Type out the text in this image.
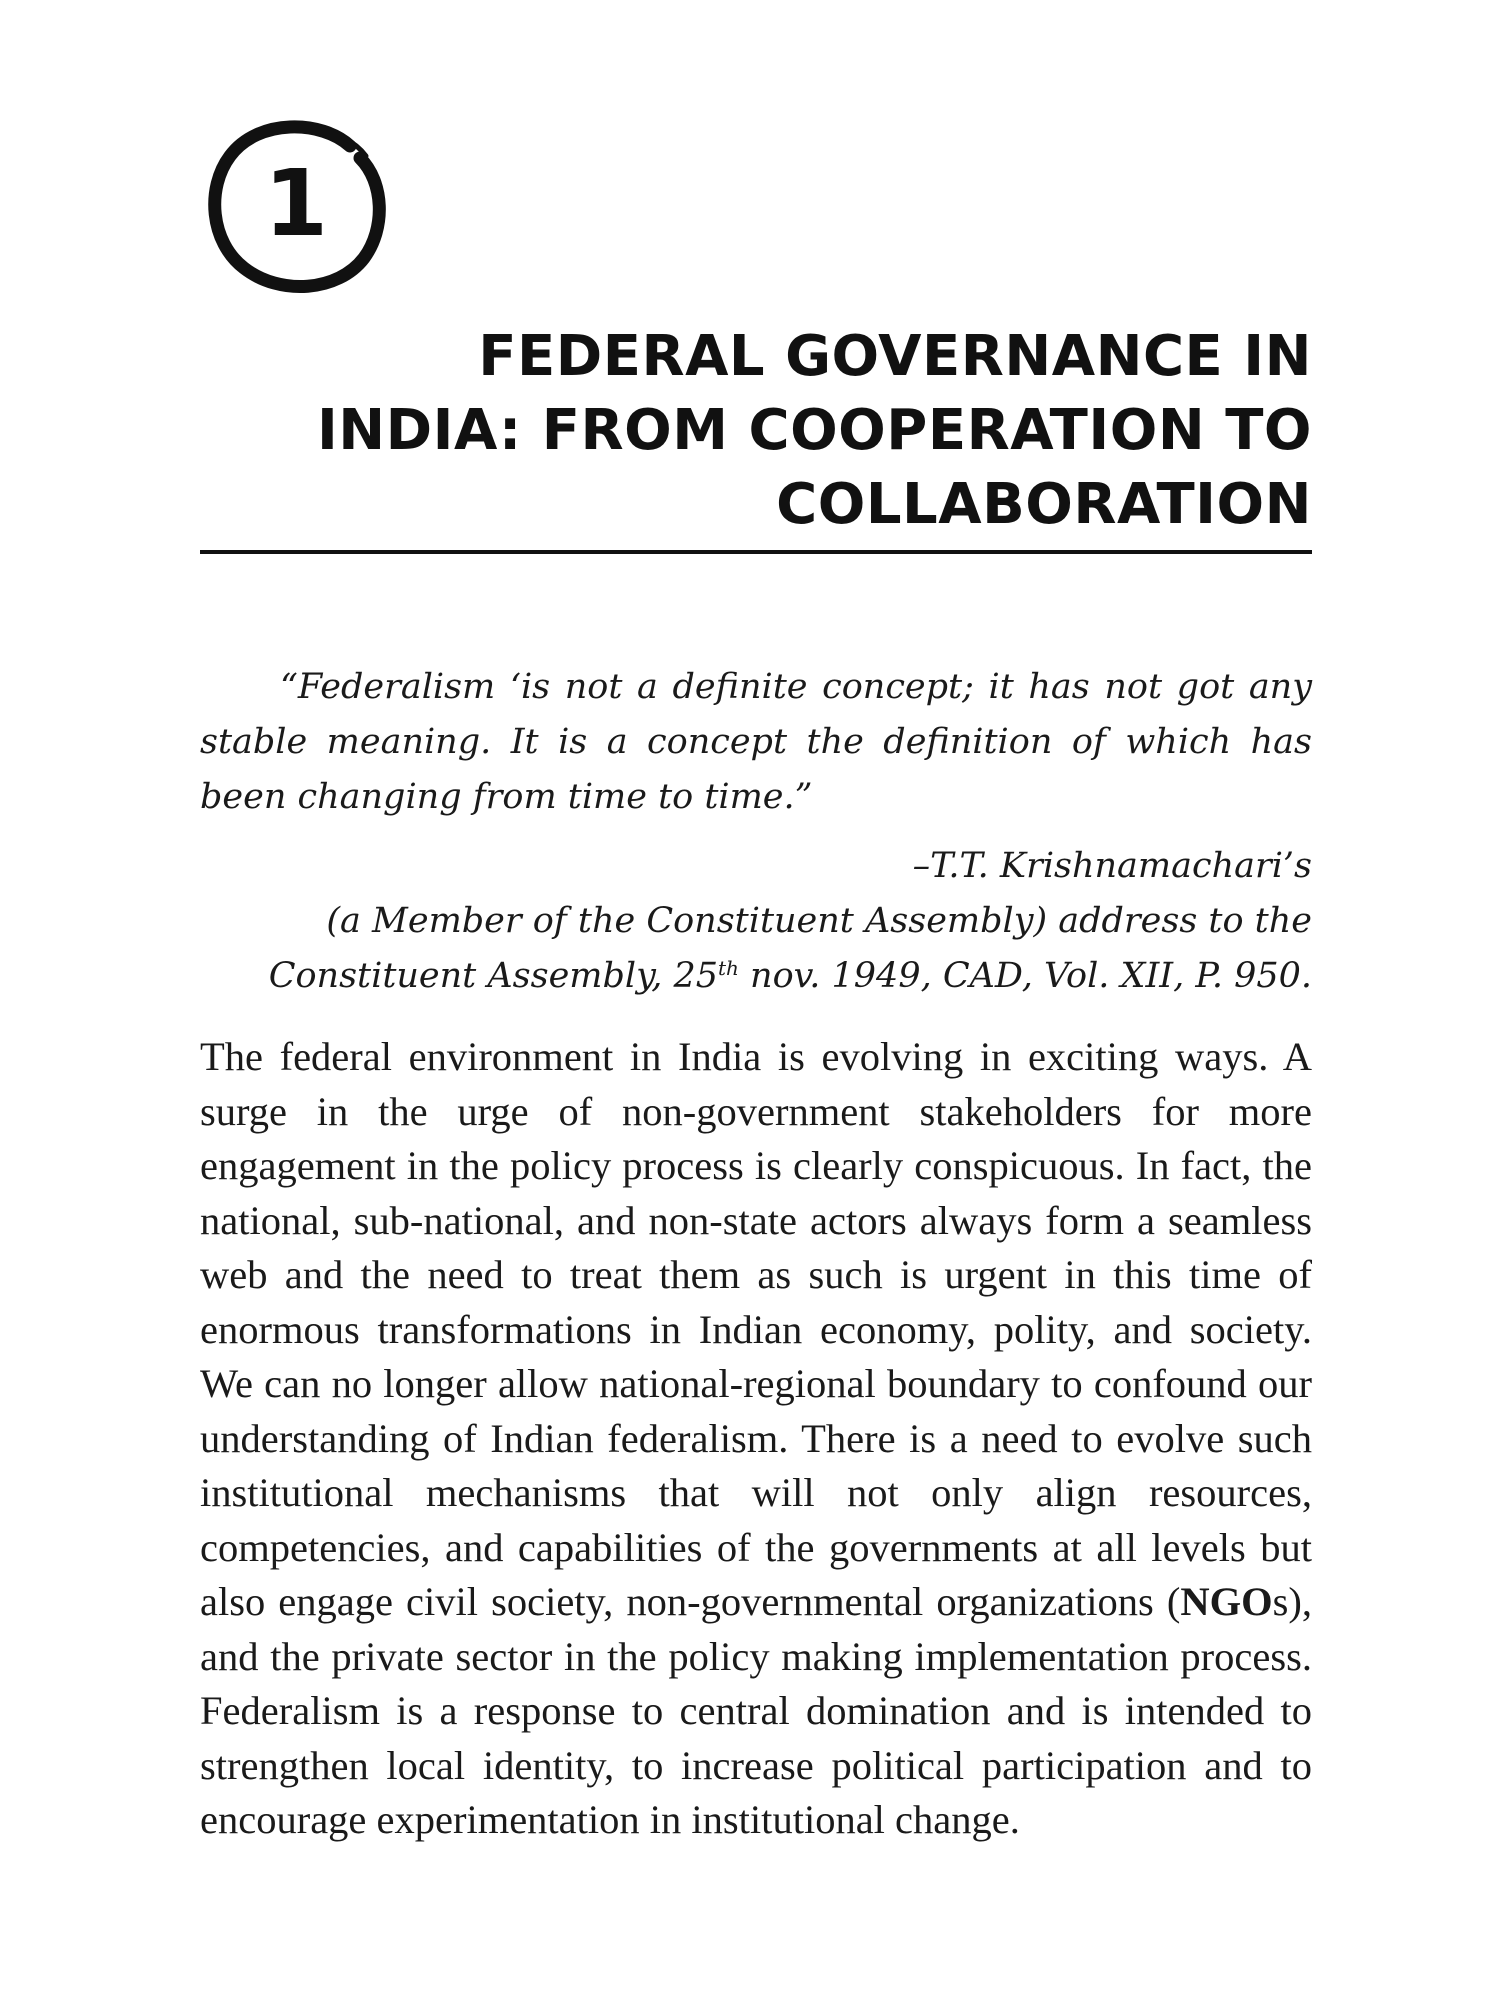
1
FEDERAL GOVERNANCE IN INDIA: FROM COOPERATION TO COLLABORATION

“Federalism ‘is not a definite concept; it has not got any stable meaning. It is a concept the definition of which has been changing from time to time.”

–T.T. Krishnamachari’s
(a Member of the Constituent Assembly) address to the
Constituent Assembly, 25th nov. 1949, CAD, Vol. XII, P. 950.

The federal environment in India is evolving in exciting ways. A surge in the urge of non-government stakeholders for more engagement in the policy process is clearly conspicuous. In fact, the national, sub-national, and non-state actors always form a seamless web and the need to treat them as such is urgent in this time of enormous transformations in Indian economy, polity, and society. We can no longer allow national-regional boundary to confound our understanding of Indian federalism. There is a need to evolve such institutional mechanisms that will not only align resources, competencies, and capabilities of the governments at all levels but also engage civil society, non-governmental organizations (NGOs), and the private sector in the policy making implementation process. Federalism is a response to central domination and is intended to strengthen local identity, to increase political participation and to encourage experimentation in institutional change.
